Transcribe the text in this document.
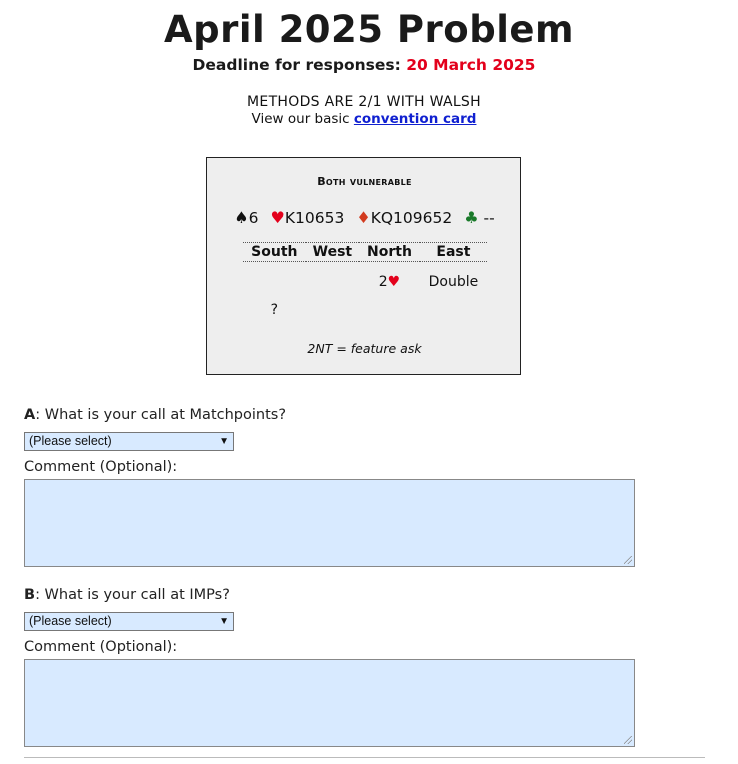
April 2025 Problem
Deadline for responses: 20 March 2025
METHODS ARE 2/1 WITH WALSH
View our basic convention card
Both vulnerable
♠6 ♥K10653 ♦KQ109652 ♣ --
South	West	North	East
		2♥	Double
?			
2NT = feature ask
A: What is your call at Matchpoints?
(Please select)	▼
Comment (Optional):
B: What is your call at IMPs?
(Please select)	▼
Comment (Optional):
